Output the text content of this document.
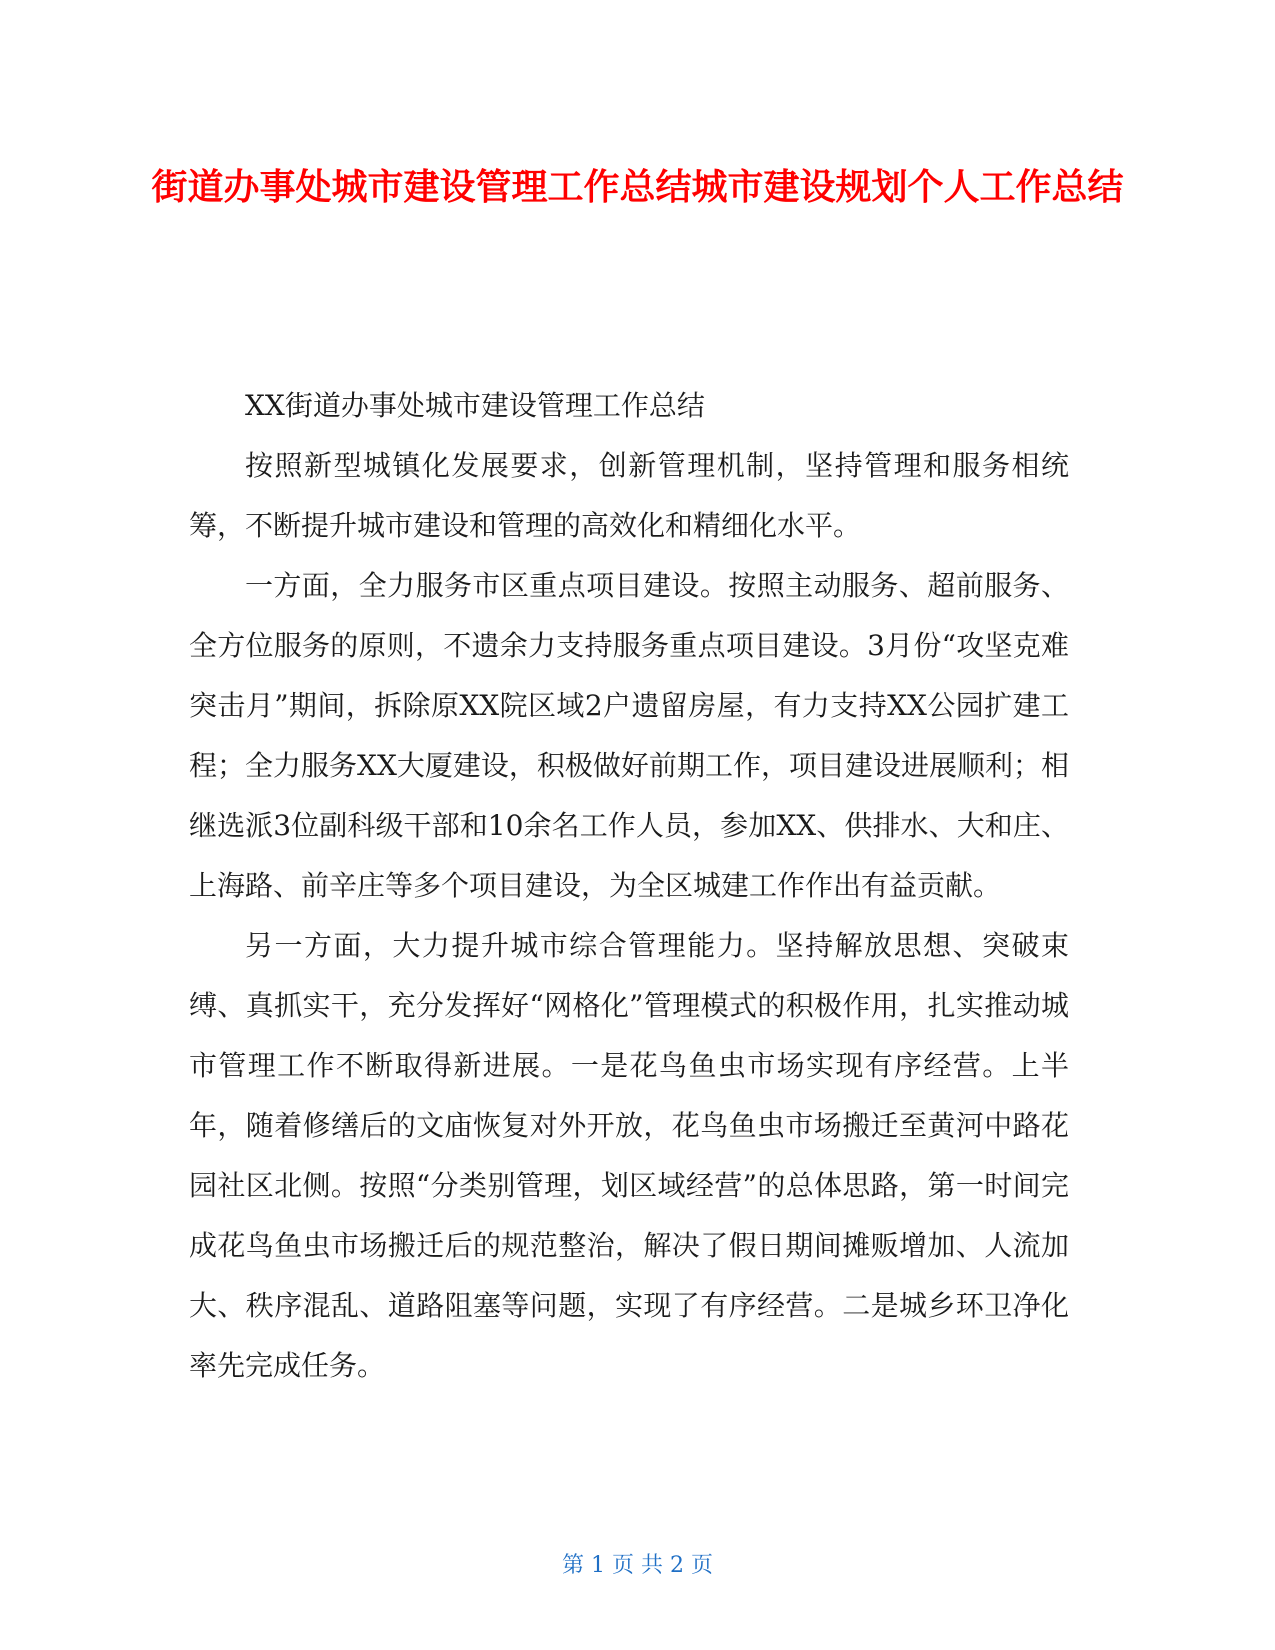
街道办事处城市建设管理工作总结城市建设规划个人工作总结

XX街道办事处城市建设管理工作总结

按照新型城镇化发展要求，创新管理机制，坚持管理和服务相统筹，不断提升城市建设和管理的高效化和精细化水平。

一方面，全力服务市区重点项目建设。按照主动服务、超前服务、全方位服务的原则，不遗余力支持服务重点项目建设。3月份“攻坚克难突击月”期间，拆除原XX院区域2户遗留房屋，有力支持XX公园扩建工程；全力服务XX大厦建设，积极做好前期工作，项目建设进展顺利；相继选派3位副科级干部和10余名工作人员，参加XX、供排水、大和庄、上海路、前辛庄等多个项目建设，为全区城建工作作出有益贡献。

另一方面，大力提升城市综合管理能力。坚持解放思想、突破束缚、真抓实干，充分发挥好“网格化”管理模式的积极作用，扎实推动城市管理工作不断取得新进展。一是花鸟鱼虫市场实现有序经营。上半年，随着修缮后的文庙恢复对外开放，花鸟鱼虫市场搬迁至黄河中路花园社区北侧。按照“分类别管理，划区域经营”的总体思路，第一时间完成花鸟鱼虫市场搬迁后的规范整治，解决了假日期间摊贩增加、人流加大、秩序混乱、道路阻塞等问题，实现了有序经营。二是城乡环卫净化率先完成任务。

第 1 页 共 2 页
